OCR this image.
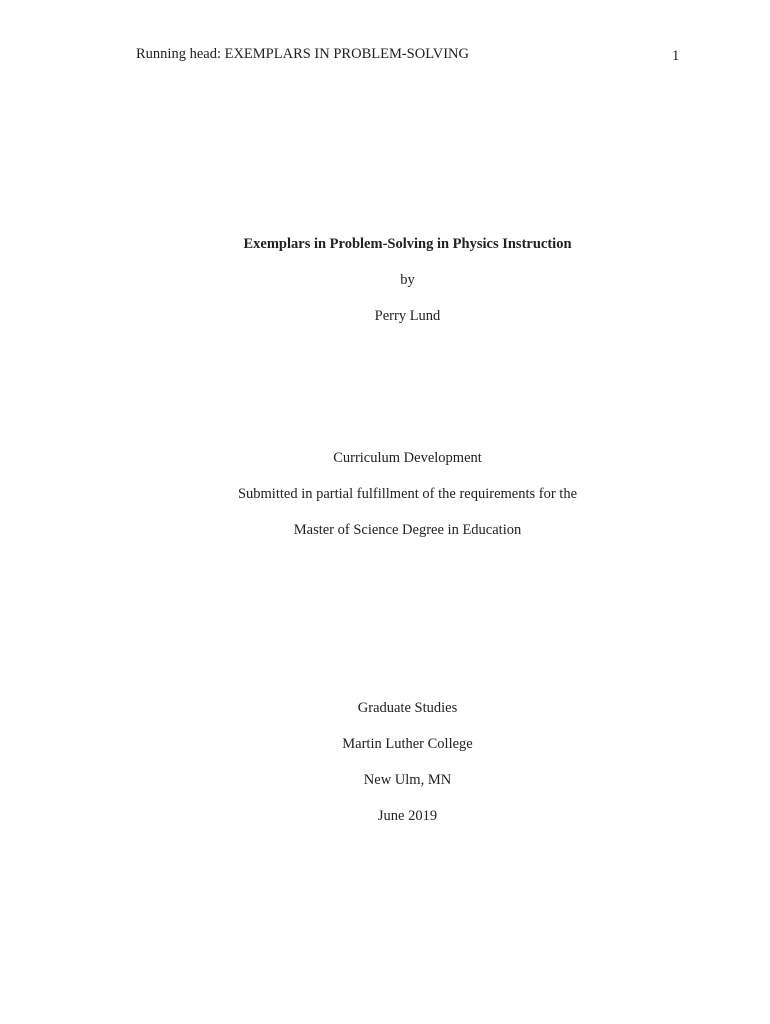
Running head: EXEMPLARS IN PROBLEM-SOLVING	1
Exemplars in Problem-Solving in Physics Instruction
by
Perry Lund
Curriculum Development
Submitted in partial fulfillment of the requirements for the
Master of Science Degree in Education
Graduate Studies
Martin Luther College
New Ulm, MN
June 2019
